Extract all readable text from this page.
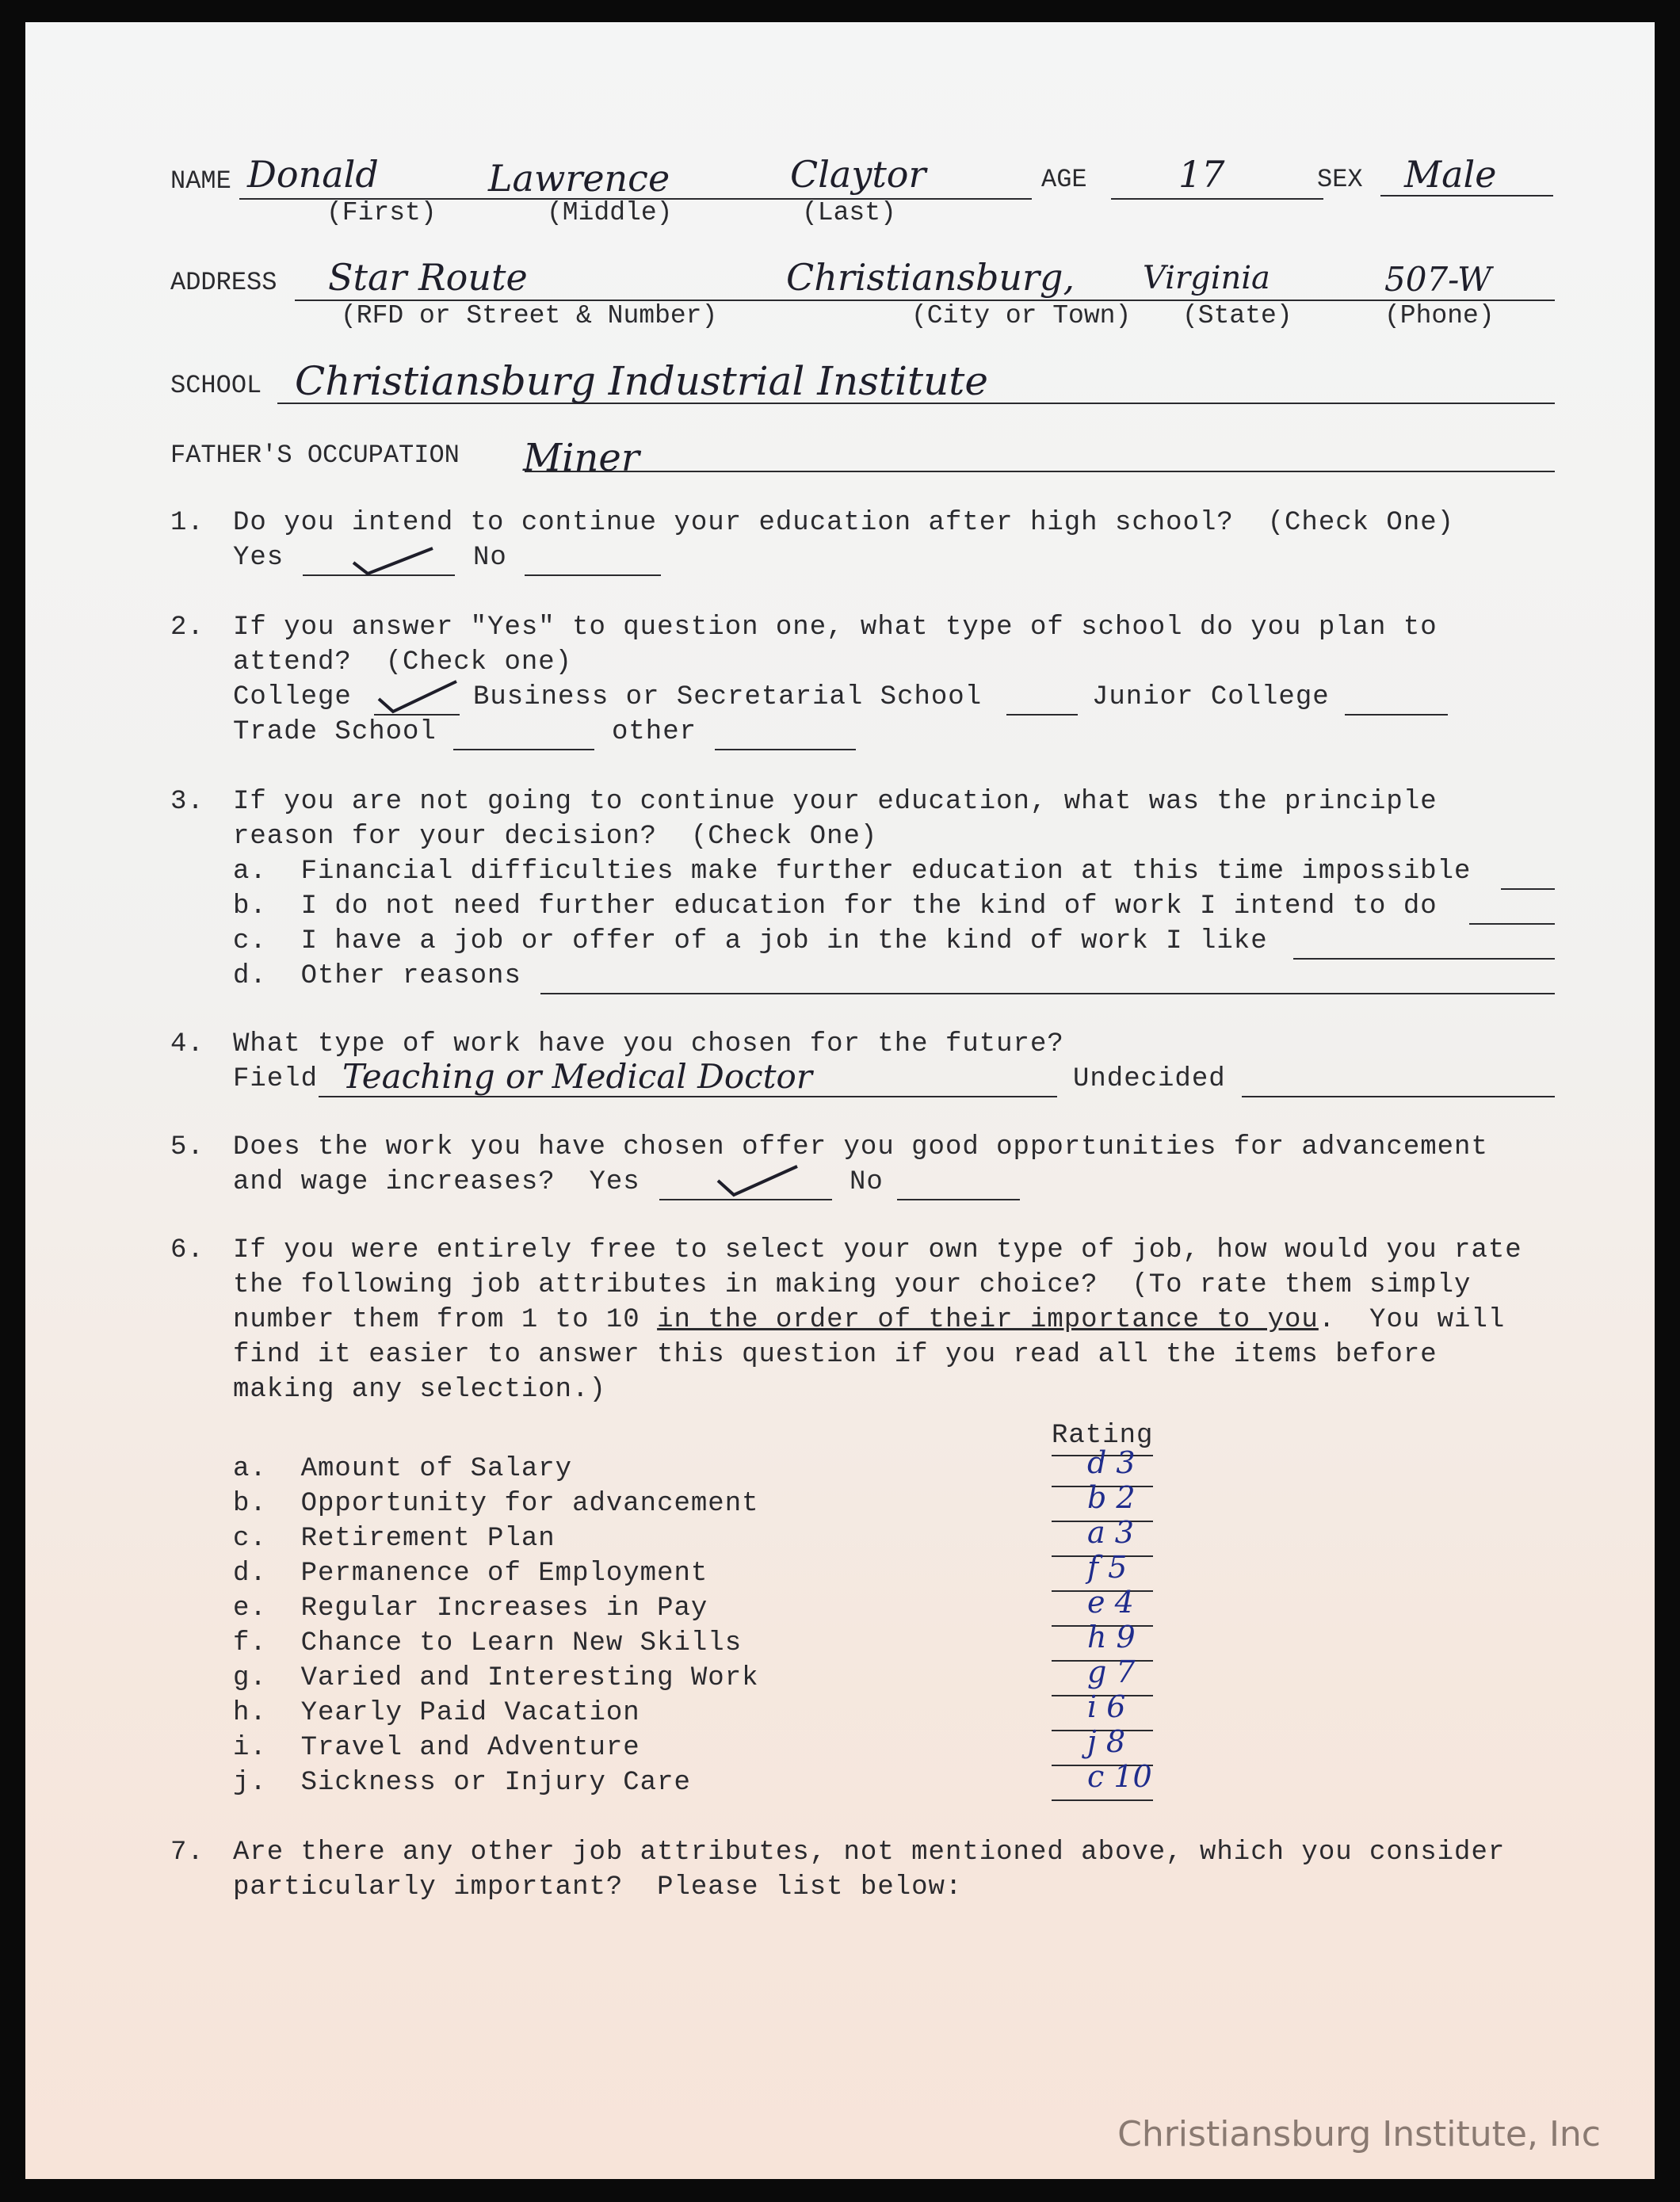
NAME Donald	Lawrence	Claytor
(First)	(Middle)	(Last)
AGE	17	SEX Male
ADDRESS Star Route	Christiansburg, Virginia	507-W
(RFD or Street & Number)	(City or Town) (State)	(Phone)
SCHOOL Christiansburg Industrial Institute
FATHER'S OCCUPATION Miner
1. Do you intend to continue your education after high school?  (Check One)
Yes	No
2. If you answer "Yes" to question one, what type of school do you plan to
attend?  (Check one)
College	Business or Secretarial School	Junior College
Trade School	other
3. If you are not going to continue your education, what was the principle
reason for your decision?  (Check One)
a.  Financial difficulties make further education at this time impossible
b.  I do not need further education for the kind of work I intend to do
c.  I have a job or offer of a job in the kind of work I like
d.  Other reasons
4. What type of work have you chosen for the future?
Field Teaching or Medical Doctor	Undecided
5. Does the work you have chosen offer you good opportunities for advancement
and wage increases?  Yes	No
6. If you were entirely free to select your own type of job, how would you rate
the following job attributes in making your choice?  (To rate them simply
number them from 1 to 10 in the order of their importance to you.  You will
find it easier to answer this question if you read all the items before
making any selection.)
Rating
a.  Amount of Salary	d 3
b.  Opportunity for advancement	b 2
c.  Retirement Plan	a 3
d.  Permanence of Employment	f 5
e.  Regular Increases in Pay	e 4
f.  Chance to Learn New Skills	h 9
g.  Varied and Interesting Work	g 7
h.  Yearly Paid Vacation	i 6
i.  Travel and Adventure	j 8
j.  Sickness or Injury Care	c 10
7. Are there any other job attributes, not mentioned above, which you consider
particularly important?  Please list below:
Christiansburg Institute, Inc
